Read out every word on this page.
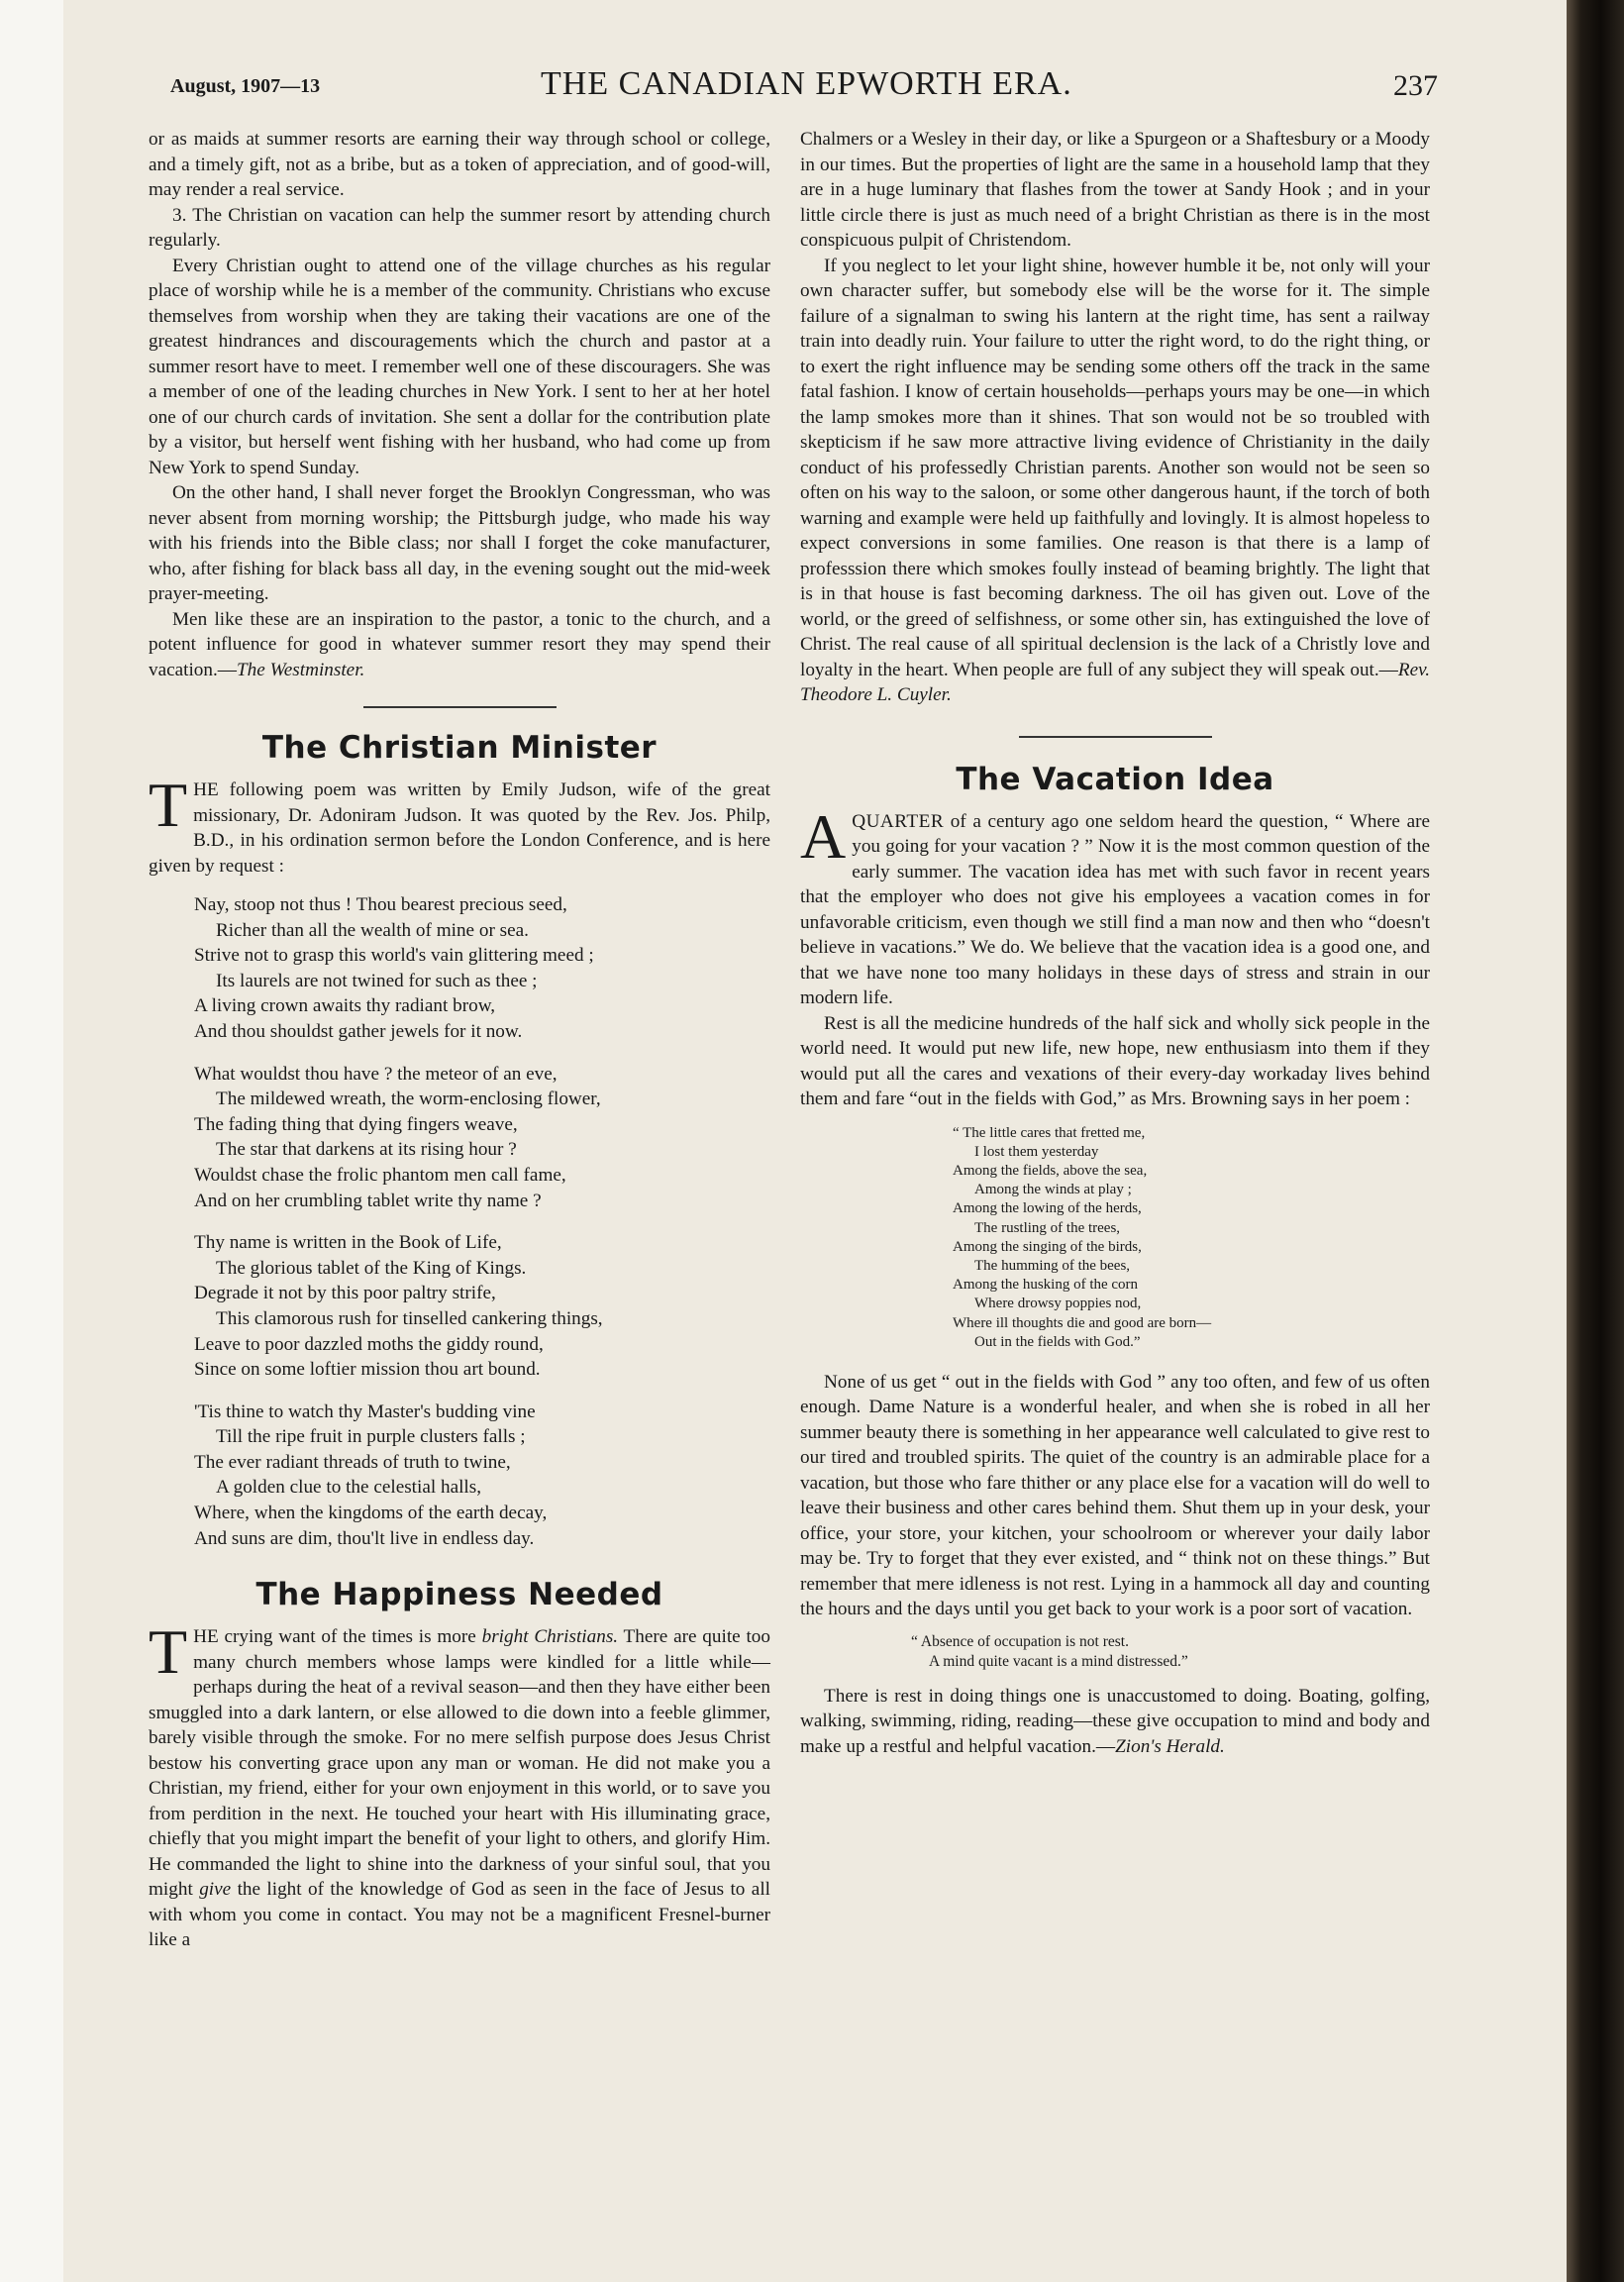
August, 1907—13	THE CANADIAN EPWORTH ERA.	237

or as maids at summer resorts are earning their way through school or college, and a timely gift, not as a bribe, but as a token of appreciation, and of good-will, may render a real service.

3. The Christian on vacation can help the summer resort by attending church regularly.

Every Christian ought to attend one of the village churches as his regular place of worship while he is a member of the community. Christians who excuse themselves from worship when they are taking their vacations are one of the greatest hindrances and discouragements which the church and pastor at a summer resort have to meet. I remember well one of these discouragers. She was a member of one of the leading churches in New York. I sent to her at her hotel one of our church cards of invitation. She sent a dollar for the contribution plate by a visitor, but herself went fishing with her husband, who had come up from New York to spend Sunday.

On the other hand, I shall never forget the Brooklyn Congressman, who was never absent from morning worship; the Pittsburgh judge, who made his way with his friends into the Bible class; nor shall I forget the coke manufacturer, who, after fishing for black bass all day, in the evening sought out the mid-week prayer-meeting.

Men like these are an inspiration to the pastor, a tonic to the church, and a potent influence for good in whatever summer resort they may spend their vacation.—The Westminster.

The Christian Minister

THE following poem was written by Emily Judson, wife of the great missionary, Dr. Adoniram Judson. It was quoted by the Rev. Jos. Philp, B.D., in his ordination sermon before the London Conference, and is here given by request :

Nay, stoop not thus ! Thou bearest precious seed,
Richer than all the wealth of mine or sea.
Strive not to grasp this world's vain glittering meed ;
Its laurels are not twined for such as thee ;
A living crown awaits thy radiant brow,
And thou shouldst gather jewels for it now.
What wouldst thou have ? the meteor of an eve,
The mildewed wreath, the worm-enclosing flower,
The fading thing that dying fingers weave,
The star that darkens at its rising hour ?
Wouldst chase the frolic phantom men call fame,
And on her crumbling tablet write thy name ?
Thy name is written in the Book of Life,
The glorious tablet of the King of Kings.
Degrade it not by this poor paltry strife,
This clamorous rush for tinselled cankering things,
Leave to poor dazzled moths the giddy round,
Since on some loftier mission thou art bound.
'Tis thine to watch thy Master's budding vine
Till the ripe fruit in purple clusters falls ;
The ever radiant threads of truth to twine,
A golden clue to the celestial halls,
Where, when the kingdoms of the earth decay,
And suns are dim, thou'lt live in endless day.
The Happiness Needed

THE crying want of the times is more bright Christians. There are quite too many church members whose lamps were kindled for a little while—perhaps during the heat of a revival season—and then they have either been smuggled into a dark lantern, or else allowed to die down into a feeble glimmer, barely visible through the smoke. For no mere selfish purpose does Jesus Christ bestow his converting grace upon any man or woman. He did not make you a Christian, my friend, either for your own enjoyment in this world, or to save you from perdition in the next. He touched your heart with His illuminating grace, chiefly that you might impart the benefit of your light to others, and glorify Him. He commanded the light to shine into the darkness of your sinful soul, that you might give the light of the knowledge of God as seen in the face of Jesus to all with whom you come in contact. You may not be a magnificent Fresnel-burner like a

Chalmers or a Wesley in their day, or like a Spurgeon or a Shaftesbury or a Moody in our times. But the properties of light are the same in a household lamp that they are in a huge luminary that flashes from the tower at Sandy Hook ; and in your little circle there is just as much need of a bright Christian as there is in the most conspicuous pulpit of Christendom.

If you neglect to let your light shine, however humble it be, not only will your own character suffer, but somebody else will be the worse for it. The simple failure of a signalman to swing his lantern at the right time, has sent a railway train into deadly ruin. Your failure to utter the right word, to do the right thing, or to exert the right influence may be sending some others off the track in the same fatal fashion. I know of certain households—perhaps yours may be one—in which the lamp smokes more than it shines. That son would not be so troubled with skepticism if he saw more attractive living evidence of Christianity in the daily conduct of his professedly Christian parents. Another son would not be seen so often on his way to the saloon, or some other dangerous haunt, if the torch of both warning and example were held up faithfully and lovingly. It is almost hopeless to expect conversions in some families. One reason is that there is a lamp of professsion there which smokes foully instead of beaming brightly. The light that is in that house is fast becoming darkness. The oil has given out. Love of the world, or the greed of selfishness, or some other sin, has extinguished the love of Christ. The real cause of all spiritual declension is the lack of a Christly love and loyalty in the heart. When people are full of any subject they will speak out.—Rev. Theodore L. Cuyler.

The Vacation Idea

AQUARTER of a century ago one seldom heard the question, “ Where are you going for your vacation ? ” Now it is the most common question of the early summer. The vacation idea has met with such favor in recent years that the employer who does not give his employees a vacation comes in for unfavorable criticism, even though we still find a man now and then who “doesn't believe in vacations.” We do. We believe that the vacation idea is a good one, and that we have none too many holidays in these days of stress and strain in our modern life.

Rest is all the medicine hundreds of the half sick and wholly sick people in the world need. It would put new life, new hope, new enthusiasm into them if they would put all the cares and vexations of their every-day workaday lives behind them and fare “out in the fields with God,” as Mrs. Browning says in her poem :

“ The little cares that fretted me,
I lost them yesterday
Among the fields, above the sea,
Among the winds at play ;
Among the lowing of the herds,
The rustling of the trees,
Among the singing of the birds,
The humming of the bees,
Among the husking of the corn
Where drowsy poppies nod,
Where ill thoughts die and good are born—
Out in the fields with God.”

None of us get “ out in the fields with God ” any too often, and few of us often enough. Dame Nature is a wonderful healer, and when she is robed in all her summer beauty there is something in her appearance well calculated to give rest to our tired and troubled spirits. The quiet of the country is an admirable place for a vacation, but those who fare thither or any place else for a vacation will do well to leave their business and other cares behind them. Shut them up in your desk, your office, your store, your kitchen, your schoolroom or wherever your daily labor may be. Try to forget that they ever existed, and “ think not on these things.” But remember that mere idleness is not rest. Lying in a hammock all day and counting the hours and the days until you get back to your work is a poor sort of vacation.

“ Absence of occupation is not rest.
A mind quite vacant is a mind distressed.”

There is rest in doing things one is unaccustomed to doing. Boating, golfing, walking, swimming, riding, reading—these give occupation to mind and body and make up a restful and helpful vacation.—Zion's Herald.
